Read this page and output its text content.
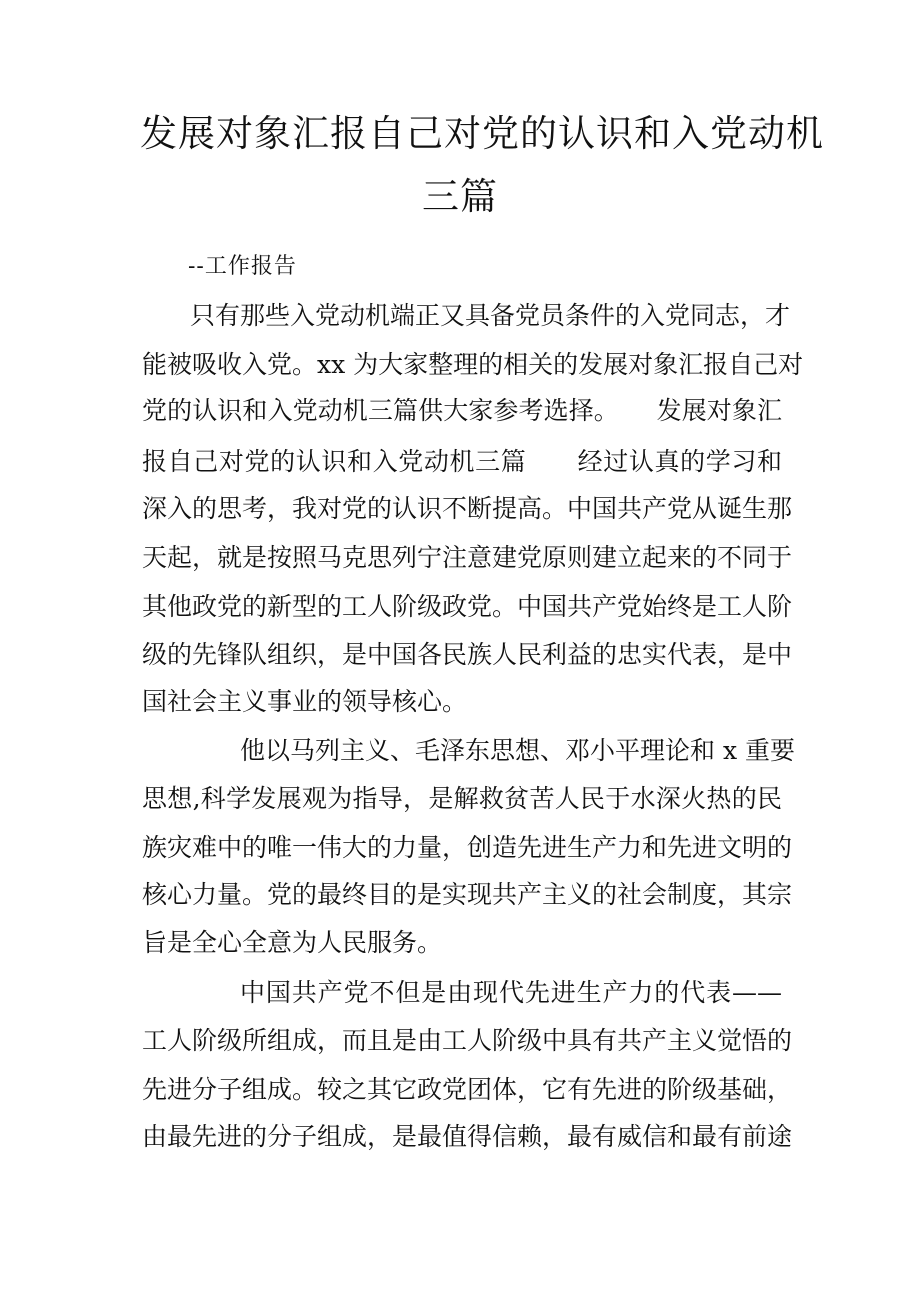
发展对象汇报自己对党的认识和入党动机
三篇
--工作报告
只有那些入党动机端正又具备党员条件的入党同志，才
能被吸收入党。xx 为大家整理的相关的发展对象汇报自己对
党的认识和入党动机三篇供大家参考选择。　　发展对象汇
报自己对党的认识和入党动机三篇　　经过认真的学习和
深入的思考，我对党的认识不断提高。中国共产党从诞生那
天起，就是按照马克思列宁注意建党原则建立起来的不同于
其他政党的新型的工人阶级政党。中国共产党始终是工人阶
级的先锋队组织，是中国各民族人民利益的忠实代表，是中
国社会主义事业的领导核心。
他以马列主义、毛泽东思想、邓小平理论和 x 重要
思想,科学发展观为指导，是解救贫苦人民于水深火热的民
族灾难中的唯一伟大的力量，创造先进生产力和先进文明的
核心力量。党的最终目的是实现共产主义的社会制度，其宗
旨是全心全意为人民服务。
中国共产党不但是由现代先进生产力的代表——
工人阶级所组成，而且是由工人阶级中具有共产主义觉悟的
先进分子组成。较之其它政党团体，它有先进的阶级基础，
由最先进的分子组成，是最值得信赖，最有威信和最有前途
